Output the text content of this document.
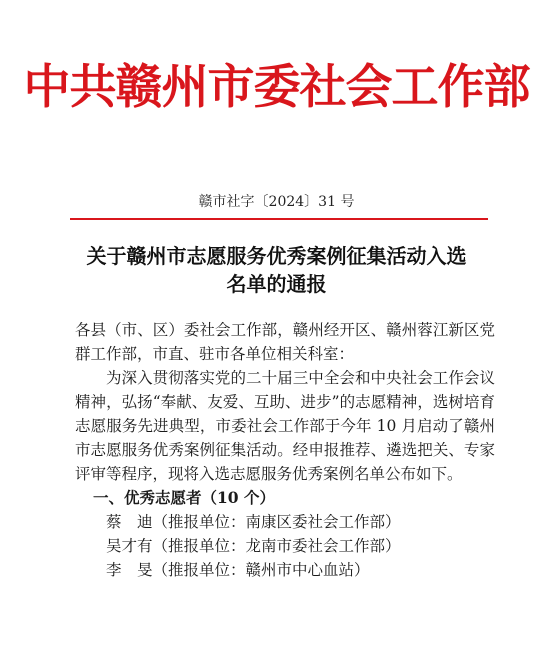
中共赣州市委社会工作部
赣市社字〔2024〕31 号
关于赣州市志愿服务优秀案例征集活动入选
名单的通报

各县（市、区）委社会工作部，赣州经开区、赣州蓉江新区党群工作部，市直、驻市各单位相关科室：

为深入贯彻落实党的二十届三中全会和中央社会工作会议精神，弘扬“奉献、友爱、互助、进步”的志愿精神，选树培育志愿服务先进典型，市委社会工作部于今年 10 月启动了赣州市志愿服务优秀案例征集活动。经申报推荐、遴选把关、专家评审等程序，现将入选志愿服务优秀案例名单公布如下。

一、优秀志愿者（10 个）

蔡　迪（推报单位：南康区委社会工作部）

吴才有（推报单位：龙南市委社会工作部）

李　旻（推报单位：赣州市中心血站）
